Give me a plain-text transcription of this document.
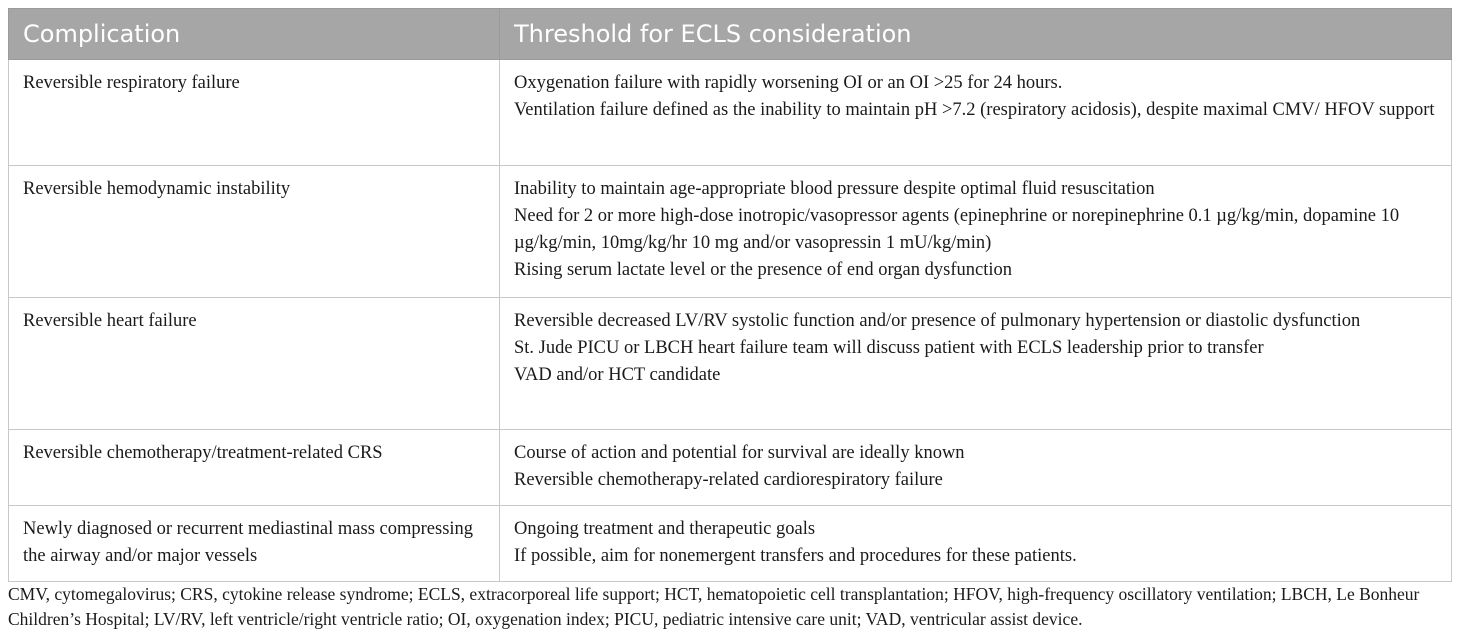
Complication	Threshold for ECLS consideration
Reversible respiratory failure	Oxygenation failure with rapidly worsening OI or an OI >25 for 24 hours.
Ventilation failure defined as the inability to maintain pH >7.2 (respiratory acidosis), despite maximal CMV/ HFOV support

Reversible hemodynamic instability	Inability to maintain age-appropriate blood pressure despite optimal fluid resuscitation
Need for 2 or more high-dose inotropic/vasopressor agents (epinephrine or norepinephrine 0.1 µg/kg/min, dopamine 10 µg/kg/min, 10mg/kg/hr 10 mg and/or vasopressin 1 mU/kg/min)
Rising serum lactate level or the presence of end organ dysfunction

Reversible heart failure	Reversible decreased LV/RV systolic function and/or presence of pulmonary hypertension or diastolic dysfunction
St. Jude PICU or LBCH heart failure team will discuss patient with ECLS leadership prior to transfer
VAD and/or HCT candidate

Reversible chemotherapy/treatment-related CRS	Course of action and potential for survival are ideally known
Reversible chemotherapy-related cardiorespiratory failure

Newly diagnosed or recurrent mediastinal mass compressing the airway and/or major vessels	Ongoing treatment and therapeutic goals
If possible, aim for nonemergent transfers and procedures for these patients.
CMV, cytomegalovirus; CRS, cytokine release syndrome; ECLS, extracorporeal life support; HCT, hematopoietic cell transplantation; HFOV, high-frequency oscillatory ventilation; LBCH, Le Bonheur Children’s Hospital; LV/RV, left ventricle/right ventricle ratio; OI, oxygenation index; PICU, pediatric intensive care unit; VAD, ventricular assist device.
